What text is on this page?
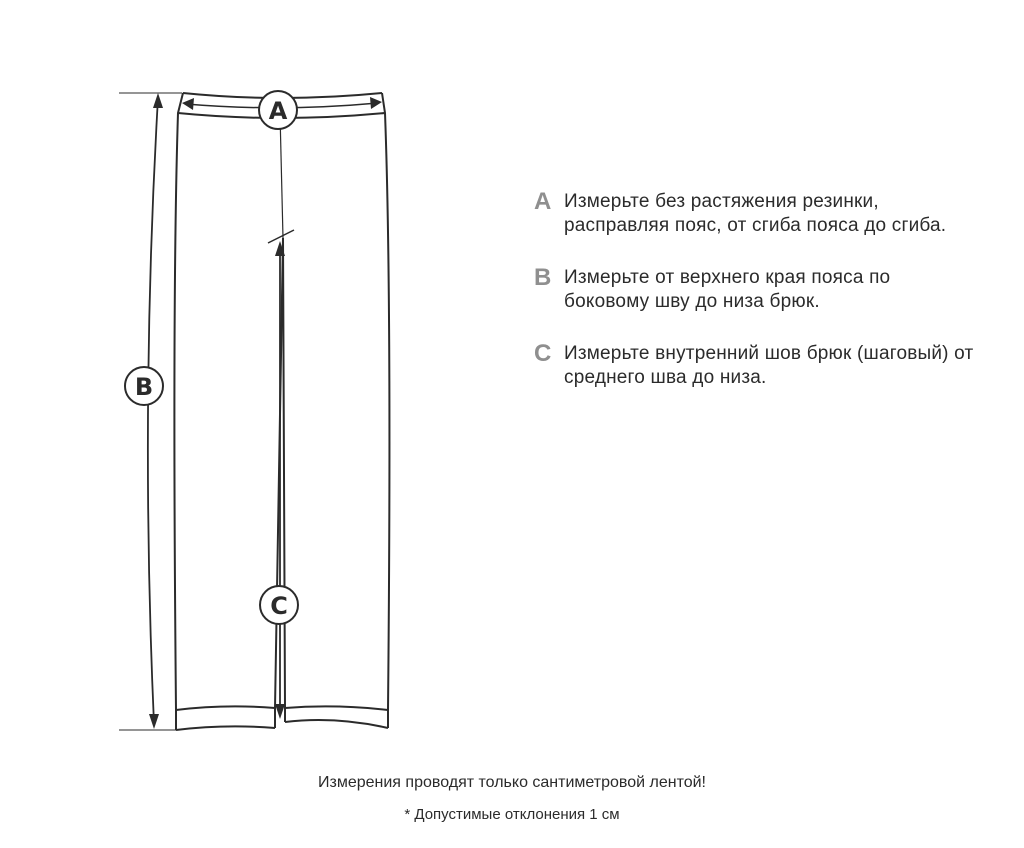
A
B
C
A Измерьте без растяжения резинки, расправляя пояс, от сгиба пояса до сгиба.
B Измерьте от верхнего края пояса по боковому шву до низа брюк.
C Измерьте внутренний шов брюк (шаговый) от среднего шва до низа.
Измерения проводят только сантиметровой лентой!
* Допустимые отклонения 1 см
